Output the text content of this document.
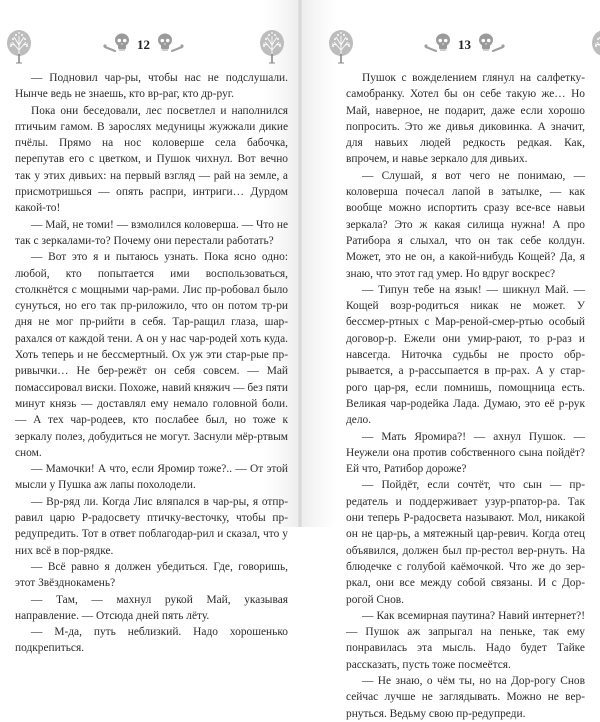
12

— Подновил чар-ры, чтобы нас не подслушали. Нынче ведь не знаешь, кто вр-раг, кто др-руг.

Пока они беседовали, лес посветлел и наполнился птичьим гамом. В зарослях медуницы жужжали дикие пчёлы. Прямо на нос коловерше села бабочка, перепутав его с цветком, и Пушок чихнул. Вот вечно так у этих дивьих: на первый взгляд — рай на земле, а присмотришься — опять распри, интриги… Дурдом какой-то!

— Май, не томи! — взмолился коловерша. — Что не так с зеркалами-то? Почему они перестали работать?

— Вот это я и пытаюсь узнать. Пока ясно одно: любой, кто попытается ими воспользоваться, столкнётся с мощными чар-рами. Лис пр-робовал было сунуться, но его так пр-риложило, что он потом тр-ри дня не мог пр-рийти в себя. Тар-ращил глаза, шар-рахался от каждой тени. А он у нас чар-родей хоть куда. Хоть теперь и не бессмертный. Ох уж эти стар-рые пр-ривычки… Не бер-режёт он себя совсем. — Май помассировал виски. Похоже, навий княжич — без пяти минут князь — доставлял ему немало головной боли. — А тех чар-родеев, кто послабее был, но тоже к зеркалу полез, добудиться не могут. Заснули мёр-ртвым сном.

— Мамочки! А что, если Яромир тоже?.. — От этой мысли у Пушка аж лапы похолодели.

— Вр-ряд ли. Когда Лис вляпался в чар-ры, я отпр-равил царю Р-радосвету птичку-весточку, чтобы пр-редупредить. Тот в ответ поблагодар-рил и сказал, что у них всё в пор-рядке.

— Всё равно я должен убедиться. Где, говоришь, этот Звёзднокамень?

— Там, — махнул рукой Май, указывая направление. — Отсюда дней пять лёту.

— М-да, путь неблизкий. Надо хорошенько подкрепиться.

13

Пушок с вожделением глянул на салфетку-самобранку. Хотел бы он себе такую же… Но Май, наверное, не подарит, даже если хорошо попросить. Это же дивья диковинка. А значит, для навьих людей редкость редкая. Как, впрочем, и навье зеркало для дивьих.

— Слушай, я вот чего не понимаю, — коловерша почесал лапой в затылке, — как вообще можно испортить сразу все-все навьи зеркала? Это ж какая силища нужна! А про Ратибора я слыхал, что он так себе колдун. Может, это не он, а какой-нибудь Кощей? Да, я знаю, что этот гад умер. Но вдруг воскрес?

— Типун тебе на язык! — шикнул Май. — Кощей возр-родиться никак не может. У бессмер-ртных с Мар-реной-смер-ртью особый договор-р. Ежели они умир-рают, то р-раз и навсегда. Ниточка судьбы не просто обр-рывается, а р-рассыпается в пр-рах. А у стар-рого цар-ря, если помнишь, помощница есть. Великая чар-родейка Лада. Думаю, это её р-рук дело.

— Мать Яромира?! — ахнул Пушок. — Неужели она против собственного сына пойдёт? Ей что, Ратибор дороже?

— Пойдёт, если сочтёт, что сын — пр-редатель и поддерживает узур-рпатор-ра. Так они теперь Р-радосвета называют. Мол, никакой он не цар-рь, а мятежный цар-ревич. Когда отец объявился, должен был пр-рестол вер-рнуть. На блюдечке с голубой каёмочкой. Что же до зер-ркал, они все между собой связаны. И с Дор-рогой Снов.

— Как всемирная паутина? Навий интернет?! — Пушок аж запрыгал на пеньке, так ему понравилась эта мысль. Надо будет Тайке рассказать, пусть тоже посмеётся.

— Не знаю, о чём ты, но на Дор-рогу Снов сейчас лучше не заглядывать. Можно не вер-рнуться. Ведьму свою пр-редупреди.
